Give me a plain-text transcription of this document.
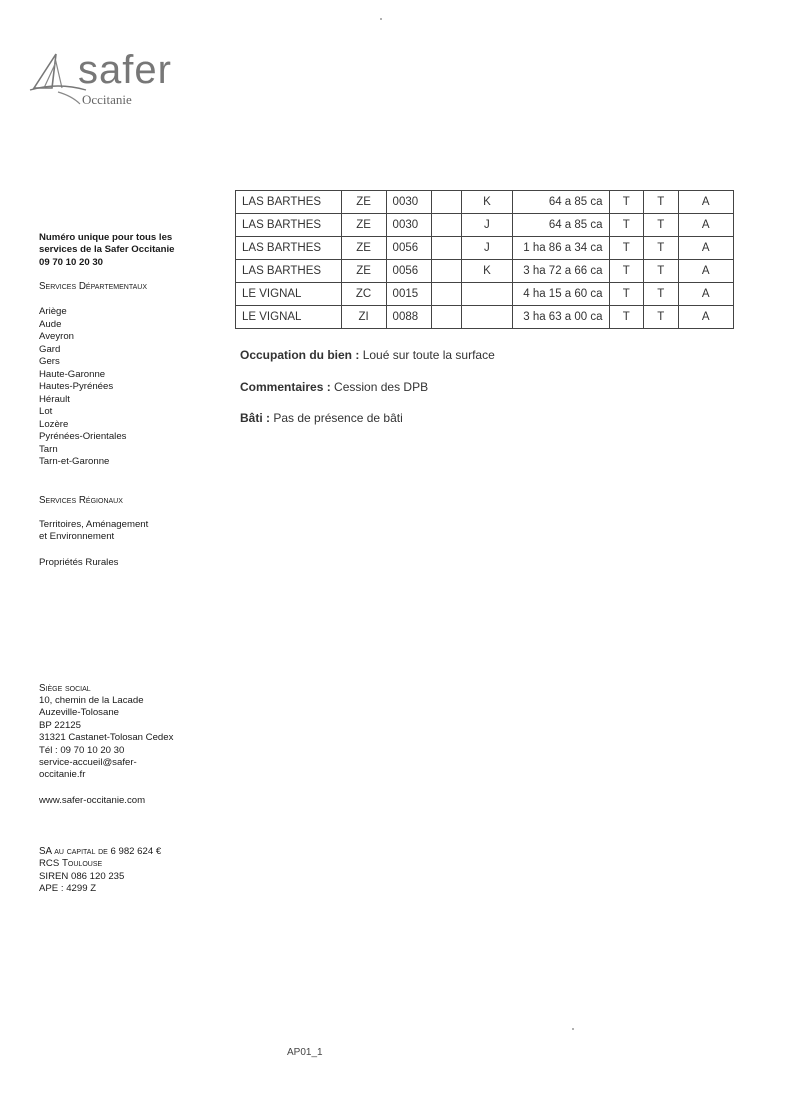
safer
Occitanie
Numéro unique pour tous les
services de la Safer Occitanie
09 70 10 20 30
Services Départementaux
Ariège
Aude
Aveyron
Gard
Gers
Haute-Garonne
Hautes-Pyrénées
Hérault
Lot
Lozère
Pyrénées-Orientales
Tarn
Tarn-et-Garonne
Services Régionaux
Territoires, Aménagement
et Environnement
Propriétés Rurales
Siège social
10, chemin de la Lacade
Auzeville-Tolosane
BP 22125
31321 Castanet-Tolosan Cedex
Tél : 09 70 10 20 30
service-accueil@safer-
occitanie.fr
www.safer-occitanie.com
SA au capital de 6 982 624 €
RCS Toulouse
SIREN 086 120 235
APE : 4299 Z
LAS BARTHES	ZE	0030		K	64 a 85 ca	T	T	A
LAS BARTHES	ZE	0030		J	64 a 85 ca	T	T	A
LAS BARTHES	ZE	0056		J	1 ha 86 a 34 ca	T	T	A
LAS BARTHES	ZE	0056		K	3 ha 72 a 66 ca	T	T	A
LE VIGNAL	ZC	0015			4 ha 15 a 60 ca	T	T	A
LE VIGNAL	ZI	0088			3 ha 63 a 00 ca	T	T	A
Occupation du bien : Loué sur toute la surface
Commentaires : Cession des DPB
Bâti : Pas de présence de bâti
AP01_1
